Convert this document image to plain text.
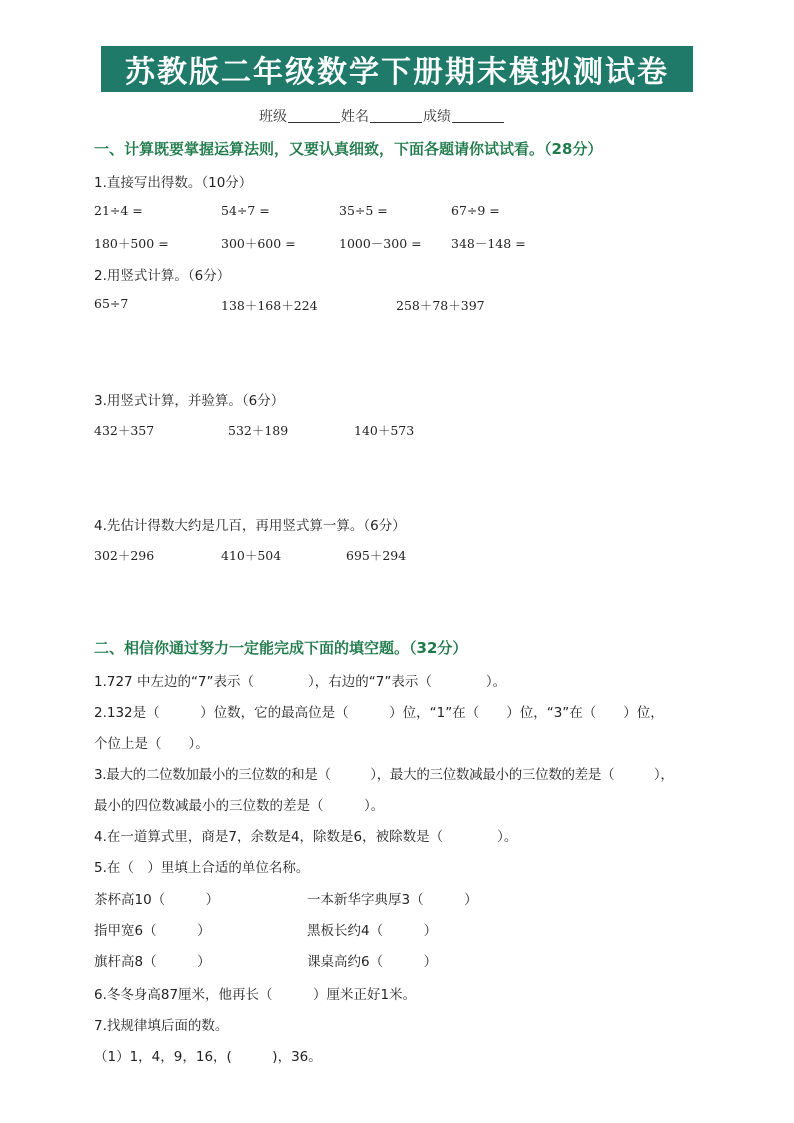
苏教版二年级数学下册期末模拟测试卷
班级	姓名	成绩
一、计算既要掌握运算法则，又要认真细致，下面各题请你试试看。（28分）
1.直接写出得数。（10分）
21÷4 =	54÷7 =	35÷5 =	67÷9 =
180＋500 =	300＋600 =	1000－300 = 348－148 =
2.用竖式计算。（6分）
65÷7	138＋168＋224	258＋78＋397
3.用竖式计算，并验算。（6分）
432＋357	532＋189	140＋573
4.先估计得数大约是几百，再用竖式算一算。（6分）
302＋296	410＋504	695＋294
二、相信你通过努力一定能完成下面的填空题。（32分）
1.727 中左边的“7”表示（　　　　），右边的“7”表示（　　　　）。
2.132是（　　　）位数，它的最高位是（　　　）位，“1”在（　　）位，“3”在（　　）位，
个位上是（　　）。
3.最大的二位数加最小的三位数的和是（　　　），最大的三位数减最小的三位数的差是（　　　），
最小的四位数减最小的三位数的差是（　　　）。
4.在一道算式里，商是7，余数是4，除数是6，被除数是（　　　　）。
5.在（　）里填上合适的单位名称。
茶杯高10（　　　）	一本新华字典厚3（　　　）
指甲宽6（　　　）	黑板长约4（　　　）
旗杆高8（　　　）	课桌高约6（　　　）
6.冬冬身高87厘米，他再长（　　　）厘米正好1米。
7.找规律填后面的数。
（1）1，4，9，16，(　　　)，36。
